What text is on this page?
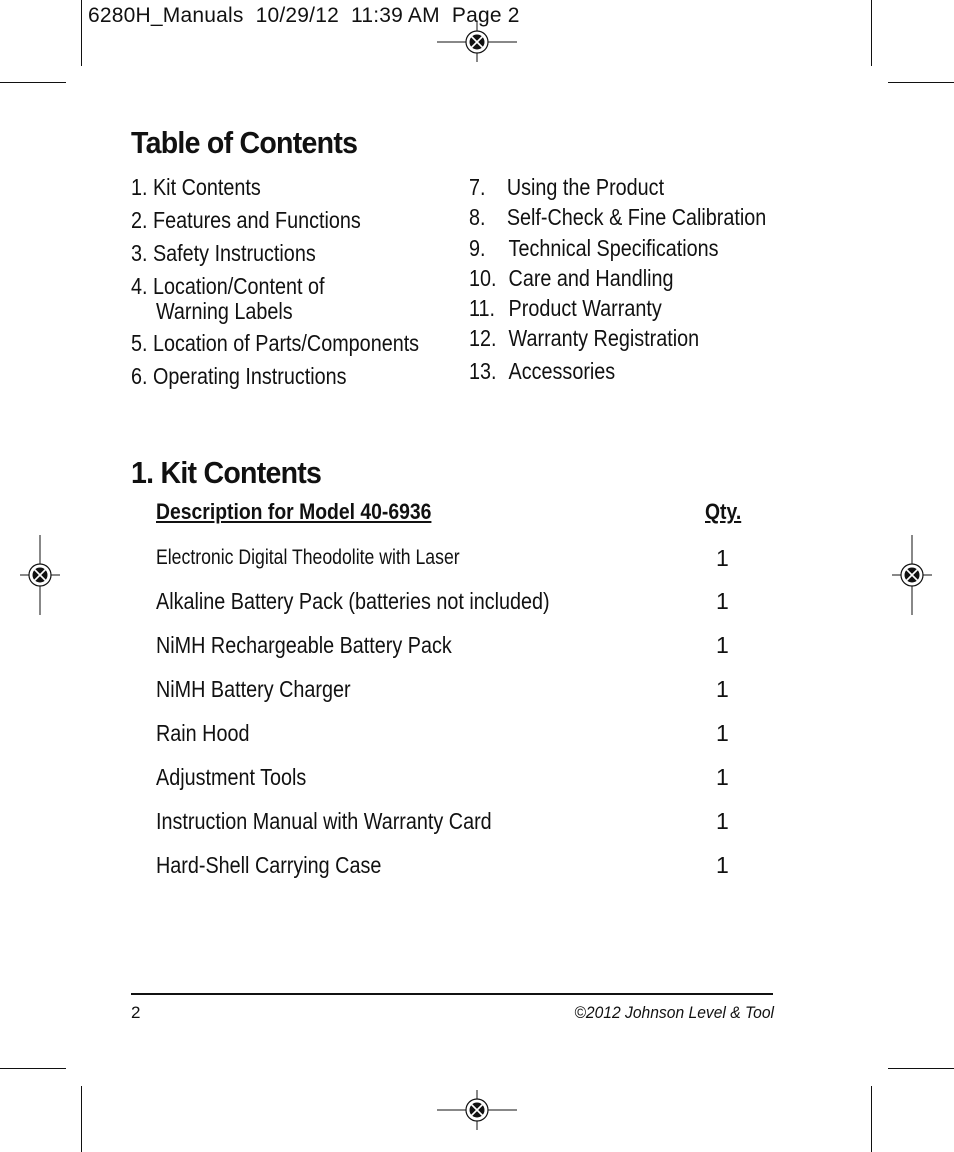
6280H_Manuals  10/29/12  11:39 AM  Page 2
Table of Contents
1. Kit Contents
2. Features and Functions
3. Safety Instructions
4. Location/Content of
Warning Labels
5. Location of Parts/Components
6. Operating Instructions
7. Using the Product
8. Self-Check & Fine Calibration
9. Technical Specifications
10. Care and Handling
11. Product Warranty
12. Warranty Registration
13. Accessories
1. Kit Contents
Description for Model 40-6936	Qty.
Electronic Digital Theodolite with Laser	1
Alkaline Battery Pack (batteries not included)	1
NiMH Rechargeable Battery Pack	1
NiMH Battery Charger	1
Rain Hood	1
Adjustment Tools	1
Instruction Manual with Warranty Card	1
Hard-Shell Carrying Case	1
2	©2012 Johnson Level & Tool
